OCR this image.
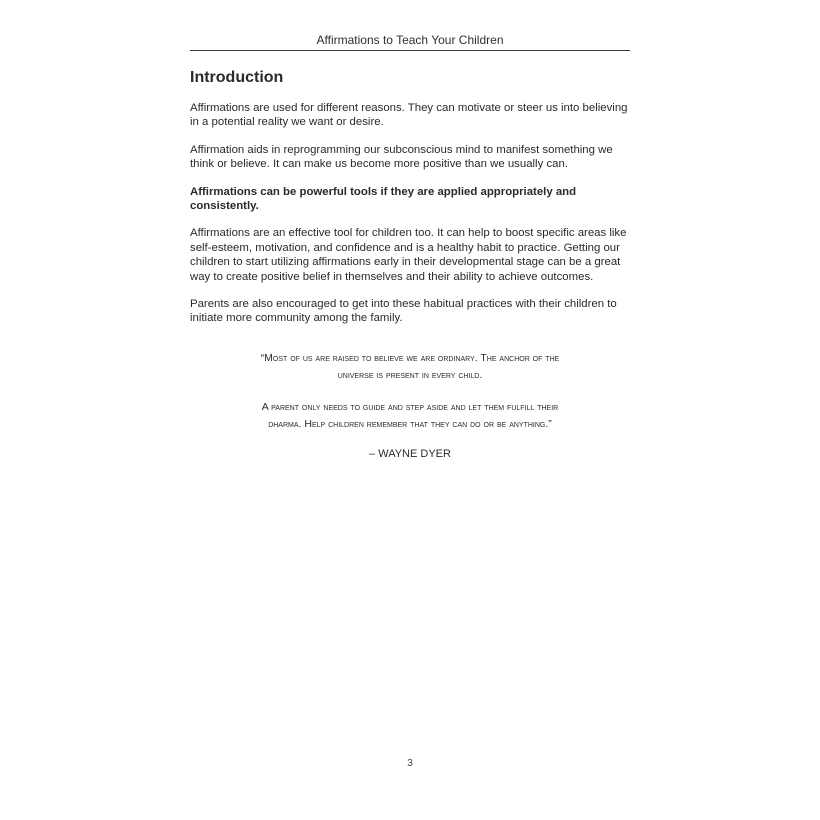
Affirmations to Teach Your Children
Introduction

Affirmations are used for different reasons. They can motivate or steer us into believing in a potential reality we want or desire.

Affirmation aids in reprogramming our subconscious mind to manifest something we think or believe. It can make us become more positive than we usually can.

Affirmations can be powerful tools if they are applied appropriately and consistently.

Affirmations are an effective tool for children too. It can help to boost specific areas like self-esteem, motivation, and confidence and is a healthy habit to practice. Getting our children to start utilizing affirmations early in their developmental stage can be a great way to create positive belief in themselves and their ability to achieve outcomes.

Parents are also encouraged to get into these habitual practices with their children to initiate more community among the family.

“Most of us are raised to believe we are ordinary. The anchor of the universe is present in every child.

A parent only needs to guide and step aside and let them fulfill their dharma. Help children remember that they can do or be anything.”

– WAYNE DYER
3
